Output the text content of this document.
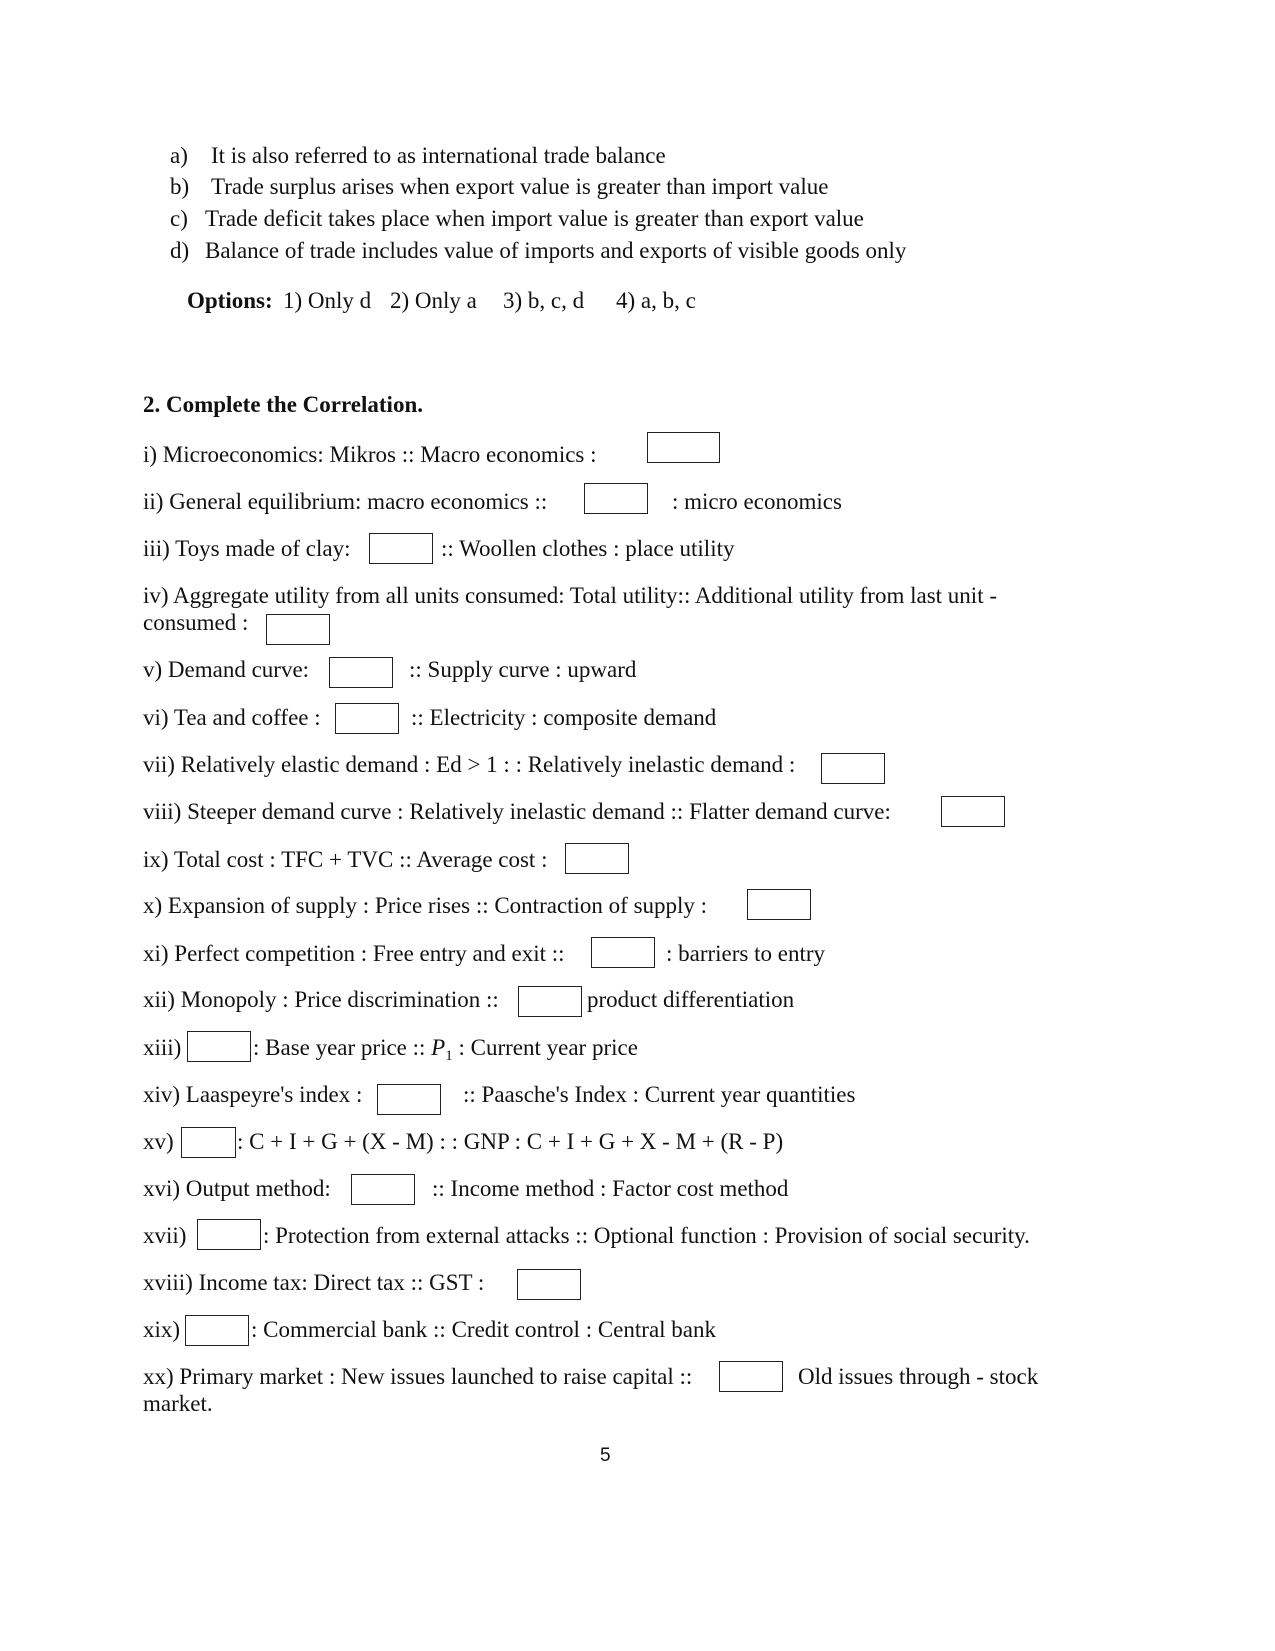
a) It is also referred to as international trade balance
b) Trade surplus arises when export value is greater than import value
c) Trade deficit takes place when import value is greater than export value
d) Balance of trade includes value of imports and exports of visible goods only
Options: 1) Only d 2) Only a 3) b, c, d 4) a, b, c
2. Complete the Correlation.
i) Microeconomics: Mikros :: Macro economics :
ii) General equilibrium: macro economics ::	: micro economics
iii) Toys made of clay:	:: Woollen clothes : place utility
iv) Aggregate utility from all units consumed: Total utility:: Additional utility from last unit -
consumed :
v) Demand curve:	:: Supply curve : upward
vi) Tea and coffee :	:: Electricity : composite demand
vii) Relatively elastic demand : Ed > 1 : : Relatively inelastic demand :
viii) Steeper demand curve : Relatively inelastic demand :: Flatter demand curve:
ix) Total cost : TFC + TVC :: Average cost :
x) Expansion of supply : Price rises :: Contraction of supply :
xi) Perfect competition : Free entry and exit ::	: barriers to entry
xii) Monopoly : Price discrimination ::	product differentiation
xiii)	: Base year price :: $P_1$ : Current year price
xiv) Laaspeyre's index :	:: Paasche's Index : Current year quantities
xv)	: C + I + G + (X - M) : : GNP : C + I + G + X - M + (R - P)
xvi) Output method:	:: Income method : Factor cost method
xvii)	: Protection from external attacks :: Optional function : Provision of social security.
xviii) Income tax: Direct tax :: GST :
xix)	: Commercial bank :: Credit control : Central bank
xx) Primary market : New issues launched to raise capital ::	Old issues through - stock
market.
5
